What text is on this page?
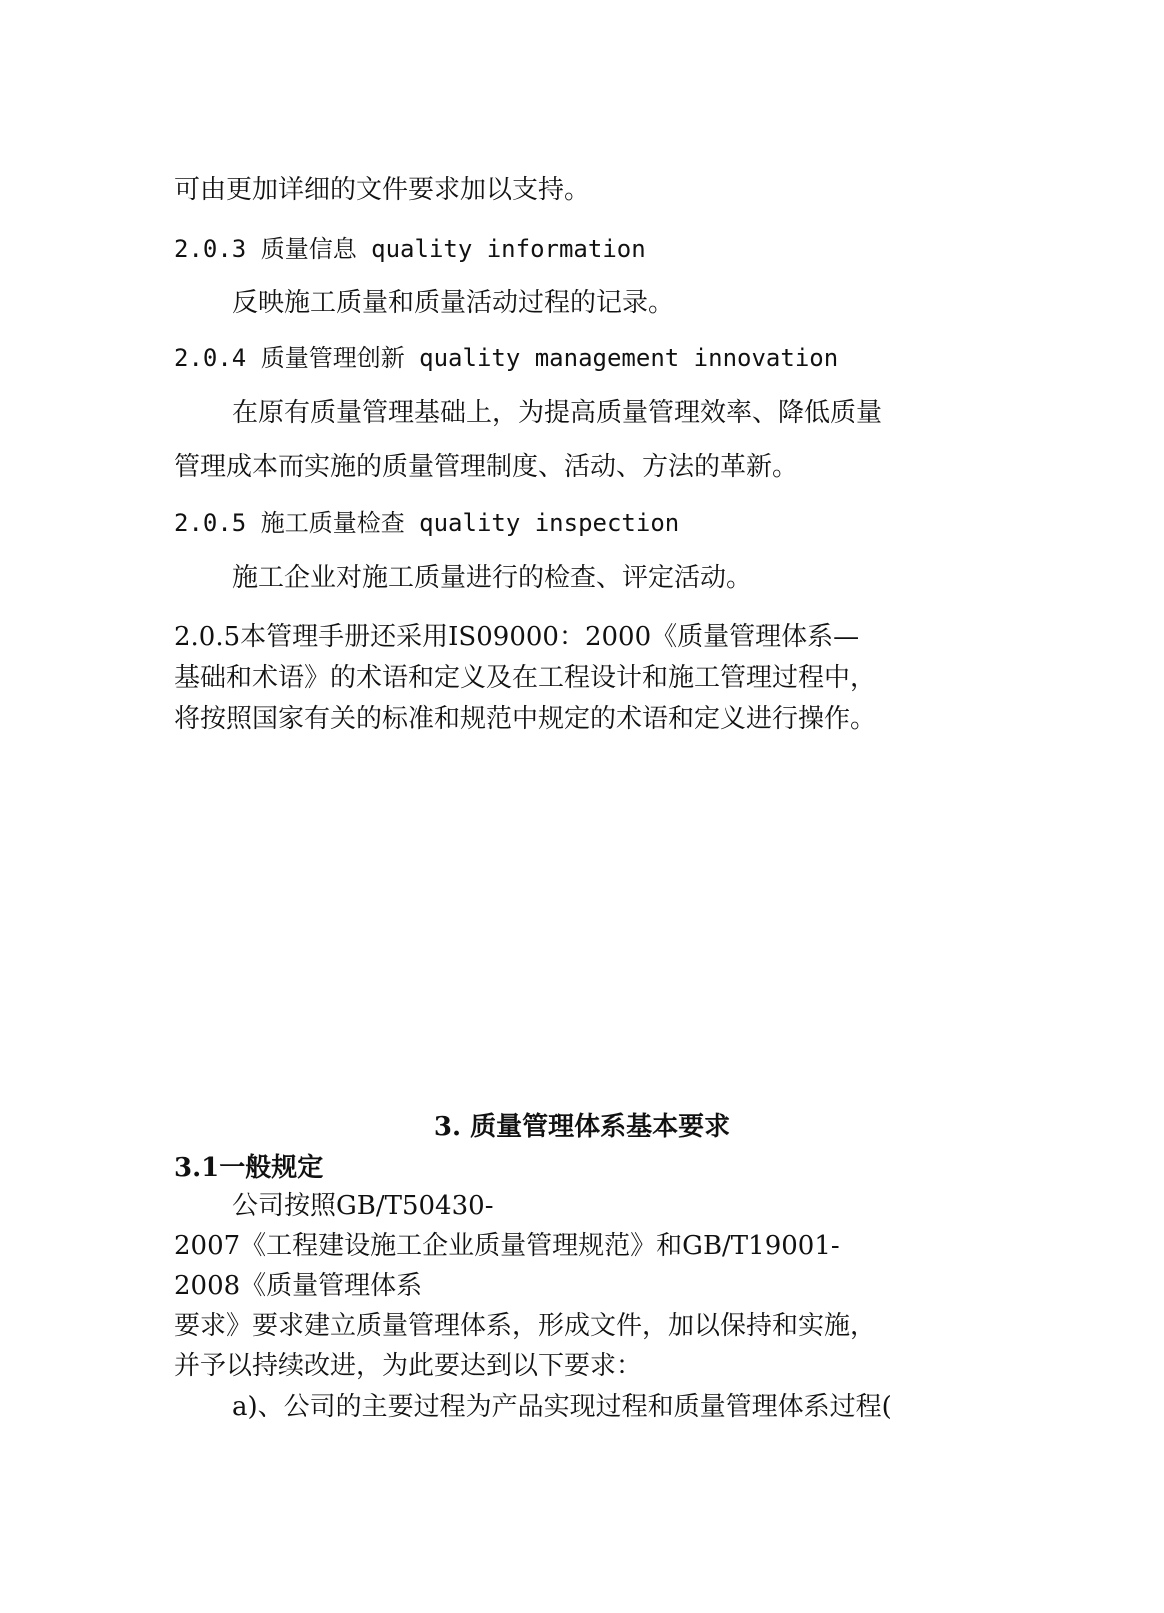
可由更加详细的文件要求加以支持。
2.0.3 质量信息 quality information
反映施工质量和质量活动过程的记录。
2.0.4 质量管理创新 quality management innovation
在原有质量管理基础上，为提高质量管理效率、降低质量
管理成本而实施的质量管理制度、活动、方法的革新。
2.0.5 施工质量检查 quality inspection
施工企业对施工质量进行的检查、评定活动。
2.0.5本管理手册还采用IS09000：2000《质量管理体系—
基础和术语》的术语和定义及在工程设计和施工管理过程中，
将按照国家有关的标准和规范中规定的术语和定义进行操作。
3. 质量管理体系基本要求
3.1一般规定
公司按照GB/T50430-
2007《工程建设施工企业质量管理规范》和GB/T19001-
2008《质量管理体系
要求》要求建立质量管理体系，形成文件，加以保持和实施，
并予以持续改进，为此要达到以下要求：
a)、公司的主要过程为产品实现过程和质量管理体系过程(
